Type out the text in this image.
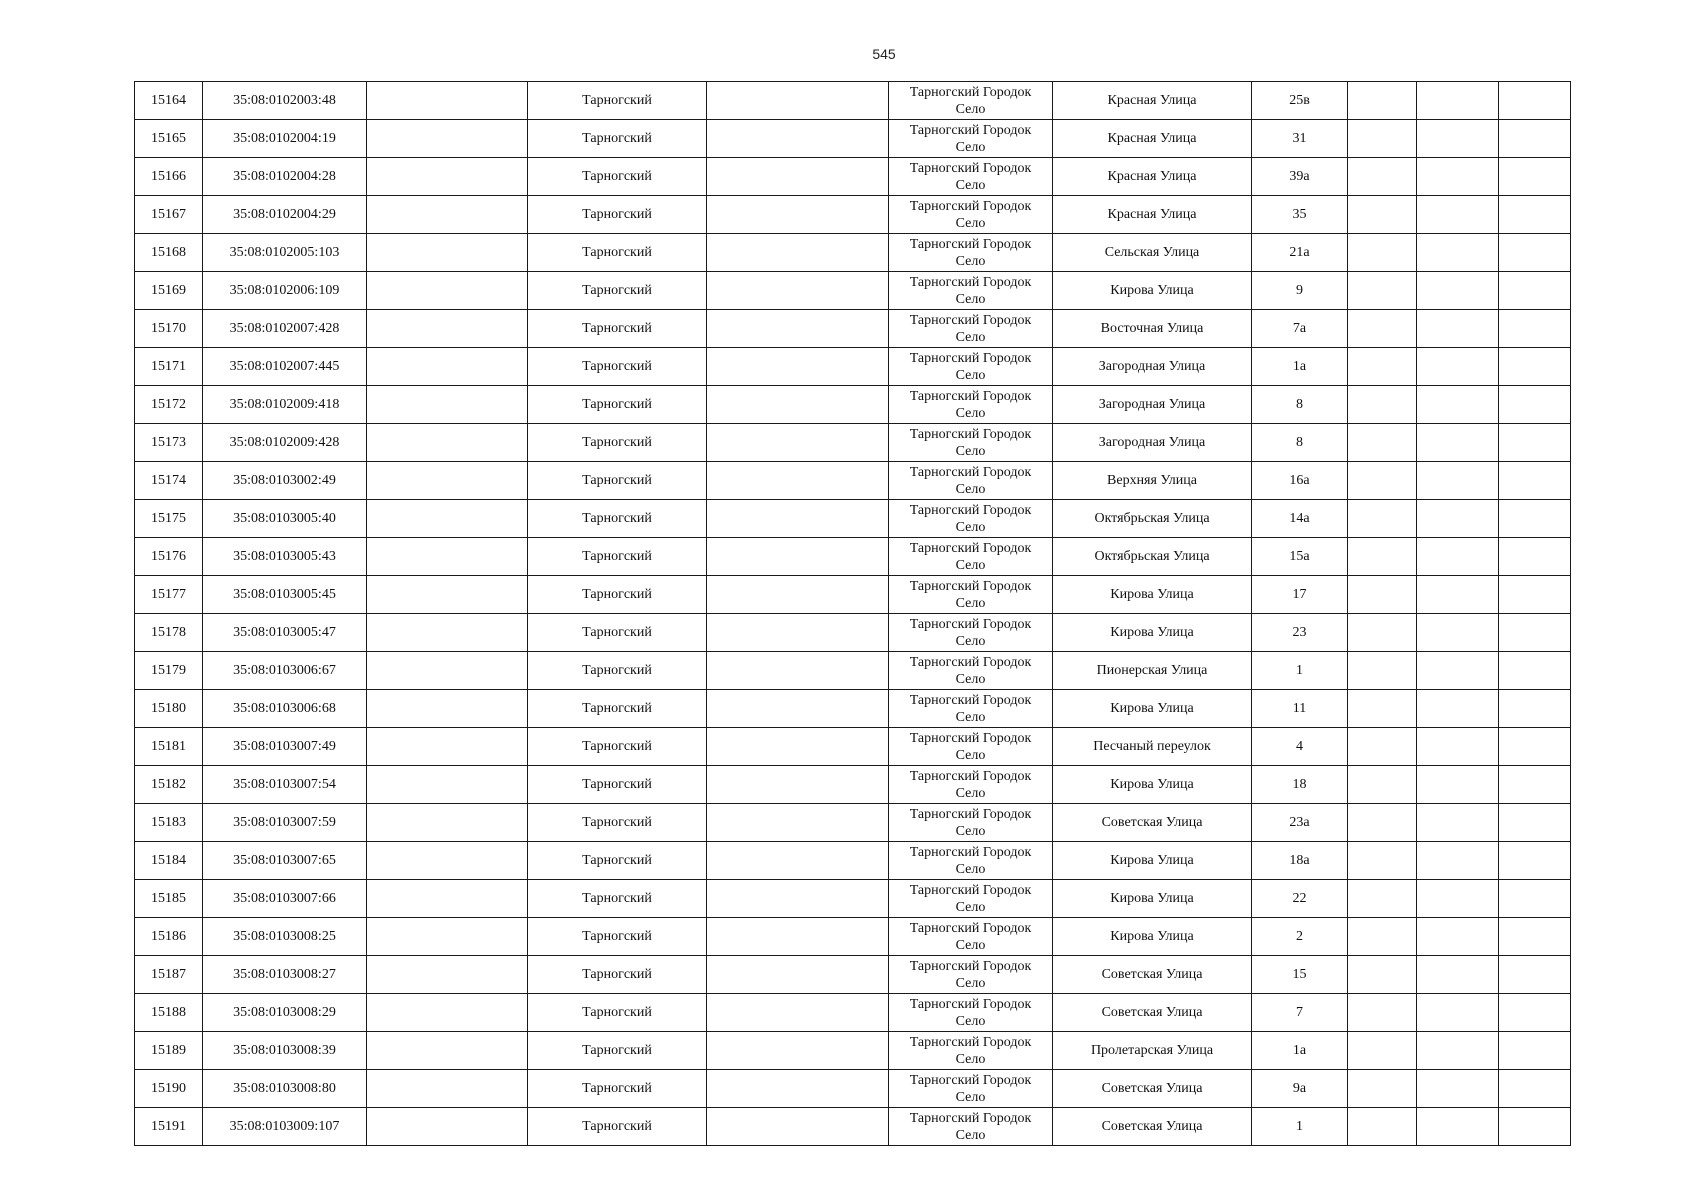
545
15164	35:08:0102003:48		Тарногский		Тарногский Городок
Село	Красная Улица	25в			
15165	35:08:0102004:19		Тарногский		Тарногский Городок
Село	Красная Улица	31			
15166	35:08:0102004:28		Тарногский		Тарногский Городок
Село	Красная Улица	39а			
15167	35:08:0102004:29		Тарногский		Тарногский Городок
Село	Красная Улица	35			
15168	35:08:0102005:103		Тарногский		Тарногский Городок
Село	Сельская Улица	21а			
15169	35:08:0102006:109		Тарногский		Тарногский Городок
Село	Кирова Улица	9			
15170	35:08:0102007:428		Тарногский		Тарногский Городок
Село	Восточная Улица	7а			
15171	35:08:0102007:445		Тарногский		Тарногский Городок
Село	Загородная Улица	1а			
15172	35:08:0102009:418		Тарногский		Тарногский Городок
Село	Загородная Улица	8			
15173	35:08:0102009:428		Тарногский		Тарногский Городок
Село	Загородная Улица	8			
15174	35:08:0103002:49		Тарногский		Тарногский Городок
Село	Верхняя Улица	16а			
15175	35:08:0103005:40		Тарногский		Тарногский Городок
Село	Октябрьская Улица	14а			
15176	35:08:0103005:43		Тарногский		Тарногский Городок
Село	Октябрьская Улица	15а			
15177	35:08:0103005:45		Тарногский		Тарногский Городок
Село	Кирова Улица	17			
15178	35:08:0103005:47		Тарногский		Тарногский Городок
Село	Кирова Улица	23			
15179	35:08:0103006:67		Тарногский		Тарногский Городок
Село	Пионерская Улица	1			
15180	35:08:0103006:68		Тарногский		Тарногский Городок
Село	Кирова Улица	11			
15181	35:08:0103007:49		Тарногский		Тарногский Городок
Село	Песчаный переулок	4			
15182	35:08:0103007:54		Тарногский		Тарногский Городок
Село	Кирова Улица	18			
15183	35:08:0103007:59		Тарногский		Тарногский Городок
Село	Советская Улица	23а			
15184	35:08:0103007:65		Тарногский		Тарногский Городок
Село	Кирова Улица	18а			
15185	35:08:0103007:66		Тарногский		Тарногский Городок
Село	Кирова Улица	22			
15186	35:08:0103008:25		Тарногский		Тарногский Городок
Село	Кирова Улица	2			
15187	35:08:0103008:27		Тарногский		Тарногский Городок
Село	Советская Улица	15			
15188	35:08:0103008:29		Тарногский		Тарногский Городок
Село	Советская Улица	7			
15189	35:08:0103008:39		Тарногский		Тарногский Городок
Село	Пролетарская Улица	1а			
15190	35:08:0103008:80		Тарногский		Тарногский Городок
Село	Советская Улица	9а			
15191	35:08:0103009:107		Тарногский		Тарногский Городок
Село	Советская Улица	1			
